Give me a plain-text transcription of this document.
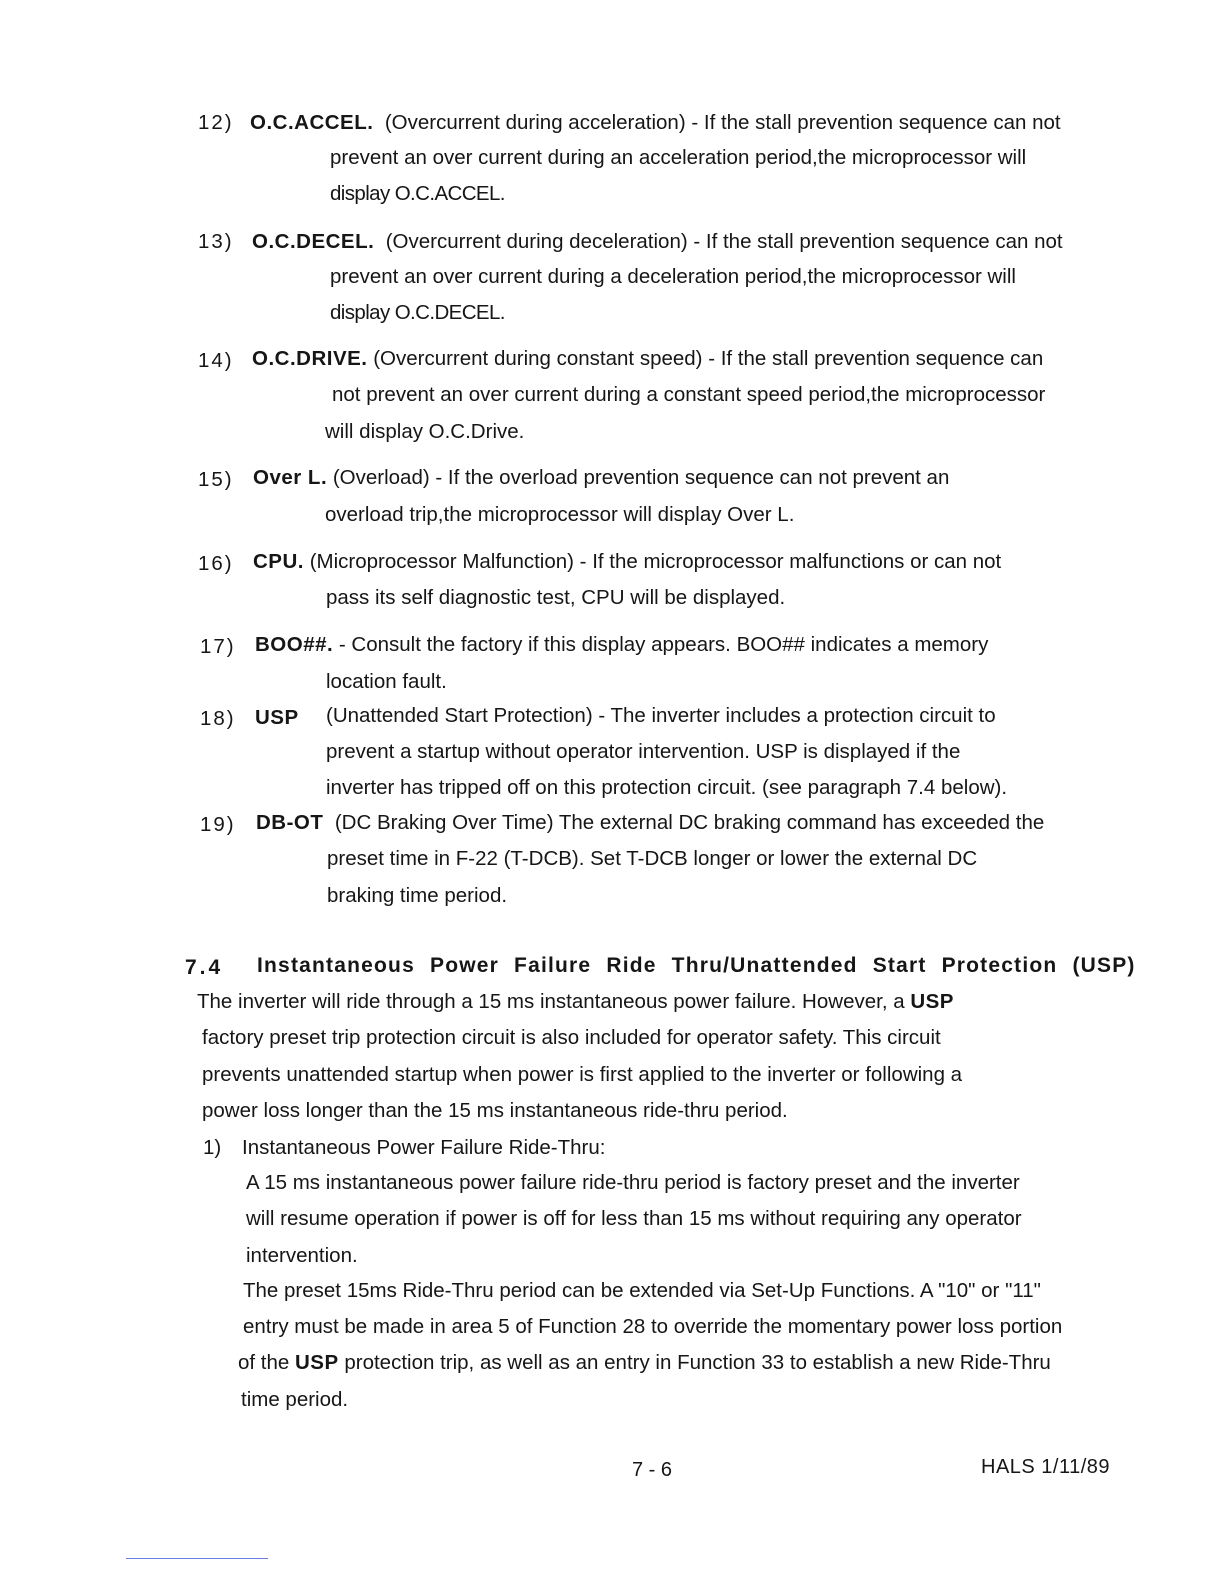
12) O.C.ACCEL. (Overcurrent during acceleration) - If the stall prevention sequence can not
prevent an over current during an acceleration period,the microprocessor will
display O.C.ACCEL.
13) O.C.DECEL. (Overcurrent during deceleration) - If the stall prevention sequence can not
prevent an over current during a deceleration period,the microprocessor will
display O.C.DECEL.
14) O.C.DRIVE. (Overcurrent during constant speed) - If the stall prevention sequence can
not prevent an over current during a constant speed period,the microprocessor
will display O.C.Drive.
15) Over L. (Overload) - If the overload prevention sequence can not prevent an
overload trip,the microprocessor will display Over L.
16) CPU. (Microprocessor Malfunction) - If the microprocessor malfunctions or can not
pass its self diagnostic test, CPU will be displayed.
17) BOO##. - Consult the factory if this display appears. BOO## indicates a memory
location fault.
18) USP (Unattended Start Protection) - The inverter includes a protection circuit to
prevent a startup without operator intervention. USP is displayed if the
inverter has tripped off on this protection circuit. (see paragraph 7.4 below).
19) DB-OT (DC Braking Over Time) The external DC braking command has exceeded the
preset time in F-22 (T-DCB). Set T-DCB longer or lower the external DC
braking time period.
7.4 Instantaneous Power Failure Ride Thru/Unattended Start Protection (USP)
The inverter will ride through a 15 ms instantaneous power failure. However, a USP
factory preset trip protection circuit is also included for operator safety. This circuit
prevents unattended startup when power is first applied to the inverter or following a
power loss longer than the 15 ms instantaneous ride-thru period.
1) Instantaneous Power Failure Ride-Thru:
A 15 ms instantaneous power failure ride-thru period is factory preset and the inverter
will resume operation if power is off for less than 15 ms without requiring any operator
intervention.
The preset 15ms Ride-Thru period can be extended via Set-Up Functions. A "10" or "11"
entry must be made in area 5 of Function 28 to override the momentary power loss portion
of the USP protection trip, as well as an entry in Function 33 to establish a new Ride-Thru
time period.
7 - 6	HALS 1/11/89
